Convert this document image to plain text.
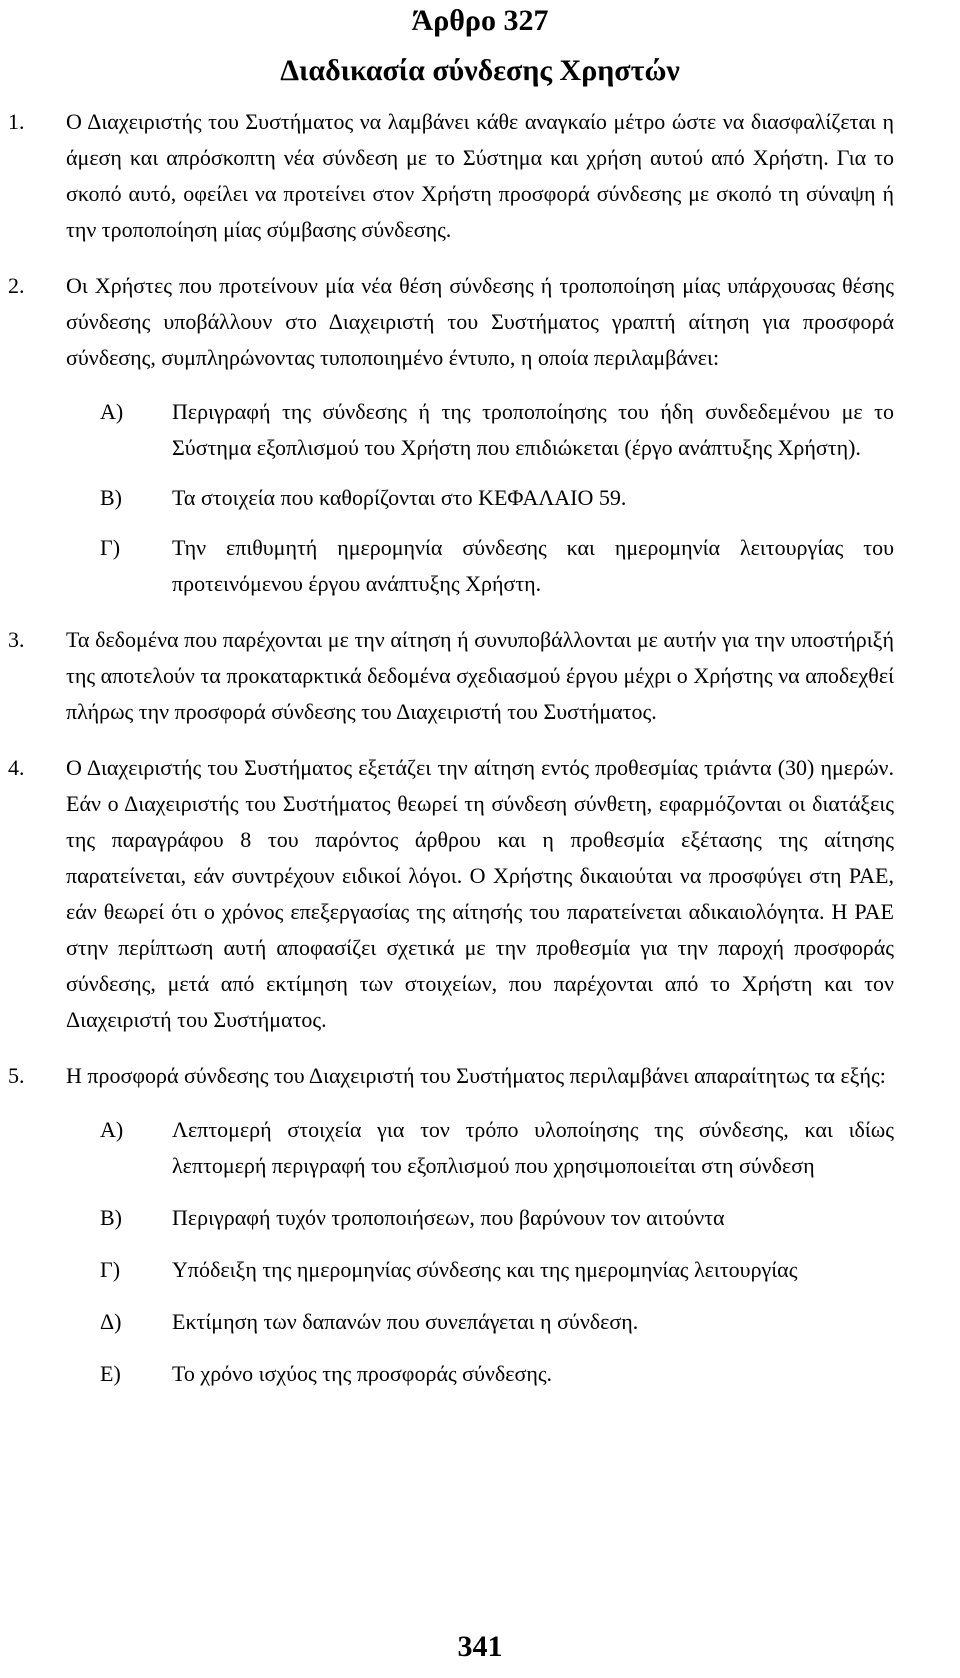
Άρθρο 327
Διαδικασία σύνδεσης Χρηστών
1. Ο Διαχειριστής του Συστήματος να λαμβάνει κάθε αναγκαίο μέτρο ώστε να διασφαλίζεται η άμεση και απρόσκοπτη νέα σύνδεση με το Σύστημα και χρήση αυτού από Χρήστη. Για το σκοπό αυτό, οφείλει να προτείνει στον Χρήστη προσφορά σύνδεσης με σκοπό τη σύναψη ή την τροποποίηση μίας σύμβασης σύνδεσης.
2. Οι Χρήστες που προτείνουν μία νέα θέση σύνδεσης ή τροποποίηση μίας υπάρχουσας θέσης σύνδεσης υποβάλλουν στο Διαχειριστή του Συστήματος γραπτή αίτηση για προσφορά σύνδεσης, συμπληρώνοντας τυποποιημένο έντυπο, η οποία περιλαμβάνει:
Α) Περιγραφή της σύνδεσης ή της τροποποίησης του ήδη συνδεδεμένου με το Σύστημα εξοπλισμού του Χρήστη που επιδιώκεται (έργο ανάπτυξης Χρήστη).
Β) Τα στοιχεία που καθορίζονται στο ΚΕΦΑΛΑΙΟ 59.
Γ) Την επιθυμητή ημερομηνία σύνδεσης και ημερομηνία λειτουργίας του προτεινόμενου έργου ανάπτυξης Χρήστη.
3. Τα δεδομένα που παρέχονται με την αίτηση ή συνυποβάλλονται με αυτήν για την υποστήριξή της αποτελούν τα προκαταρκτικά δεδομένα σχεδιασμού έργου μέχρι ο Χρήστης να αποδεχθεί πλήρως την προσφορά σύνδεσης του Διαχειριστή του Συστήματος.
4. Ο Διαχειριστής του Συστήματος εξετάζει την αίτηση εντός προθεσμίας τριάντα (30) ημερών. Εάν ο Διαχειριστής του Συστήματος θεωρεί τη σύνδεση σύνθετη, εφαρμόζονται οι διατάξεις της παραγράφου 8 του παρόντος άρθρου και η προθεσμία εξέτασης της αίτησης παρατείνεται, εάν συντρέχουν ειδικοί λόγοι. Ο Χρήστης δικαιούται να προσφύγει στη ΡΑΕ, εάν θεωρεί ότι ο χρόνος επεξεργασίας της αίτησής του παρατείνεται αδικαιολόγητα. Η ΡΑΕ στην περίπτωση αυτή αποφασίζει σχετικά με την προθεσμία για την παροχή προσφοράς σύνδεσης, μετά από εκτίμηση των στοιχείων, που παρέχονται από το Χρήστη και τον Διαχειριστή του Συστήματος.
5. Η προσφορά σύνδεσης του Διαχειριστή του Συστήματος περιλαμβάνει απαραίτητως τα εξής:
Α) Λεπτομερή στοιχεία για τον τρόπο υλοποίησης της σύνδεσης, και ιδίως λεπτομερή περιγραφή του εξοπλισμού που χρησιμοποιείται στη σύνδεση
Β) Περιγραφή τυχόν τροποποιήσεων, που βαρύνουν τον αιτούντα
Γ) Υπόδειξη της ημερομηνίας σύνδεσης και της ημερομηνίας λειτουργίας
Δ) Εκτίμηση των δαπανών που συνεπάγεται η σύνδεση.
Ε) Το χρόνο ισχύος της προσφοράς σύνδεσης.
341
